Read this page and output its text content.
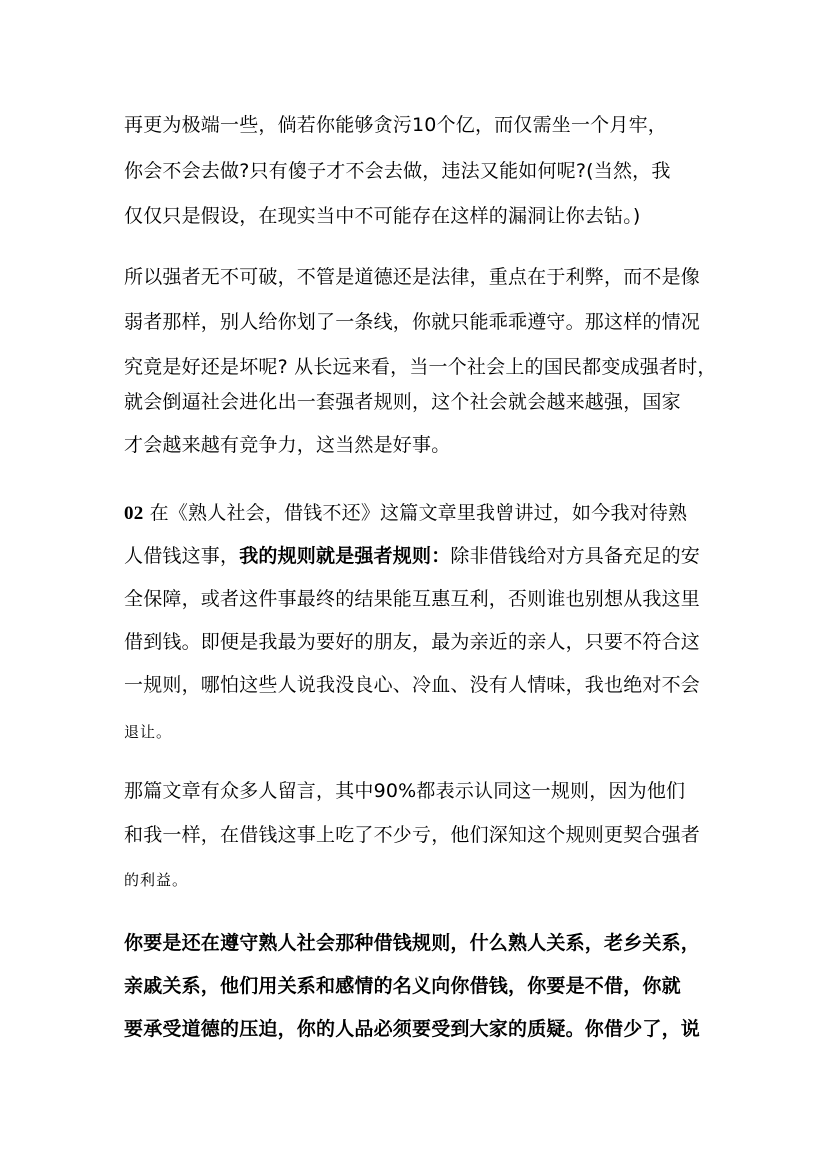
再更为极端一些，倘若你能够贪污10个亿，而仅需坐一个月牢，
你会不会去做?只有傻子才不会去做，违法又能如何呢?(当然，我
仅仅只是假设，在现实当中不可能存在这样的漏洞让你去钻。)
所以强者无不可破，不管是道德还是法律，重点在于利弊，而不是像
弱者那样，别人给你划了一条线，你就只能乖乖遵守。那这样的情况
究竟是好还是坏呢? 从长远来看，当一个社会上的国民都变成强者时，
就会倒逼社会进化出一套强者规则，这个社会就会越来越强，国家
才会越来越有竞争力，这当然是好事。
02 在《熟人社会，借钱不还》这篇文章里我曾讲过，如今我对待熟
人借钱这事，我的规则就是强者规则：除非借钱给对方具备充足的安
全保障，或者这件事最终的结果能互惠互利，否则谁也别想从我这里
借到钱。即便是我最为要好的朋友，最为亲近的亲人，只要不符合这
一规则，哪怕这些人说我没良心、冷血、没有人情味，我也绝对不会
退让。
那篇文章有众多人留言，其中90%都表示认同这一规则，因为他们
和我一样，在借钱这事上吃了不少亏，他们深知这个规则更契合强者
的利益。
你要是还在遵守熟人社会那种借钱规则，什么熟人关系，老乡关系，
亲戚关系，他们用关系和感情的名义向你借钱，你要是不借，你就
要承受道德的压迫，你的人品必须要受到大家的质疑。你借少了，说
